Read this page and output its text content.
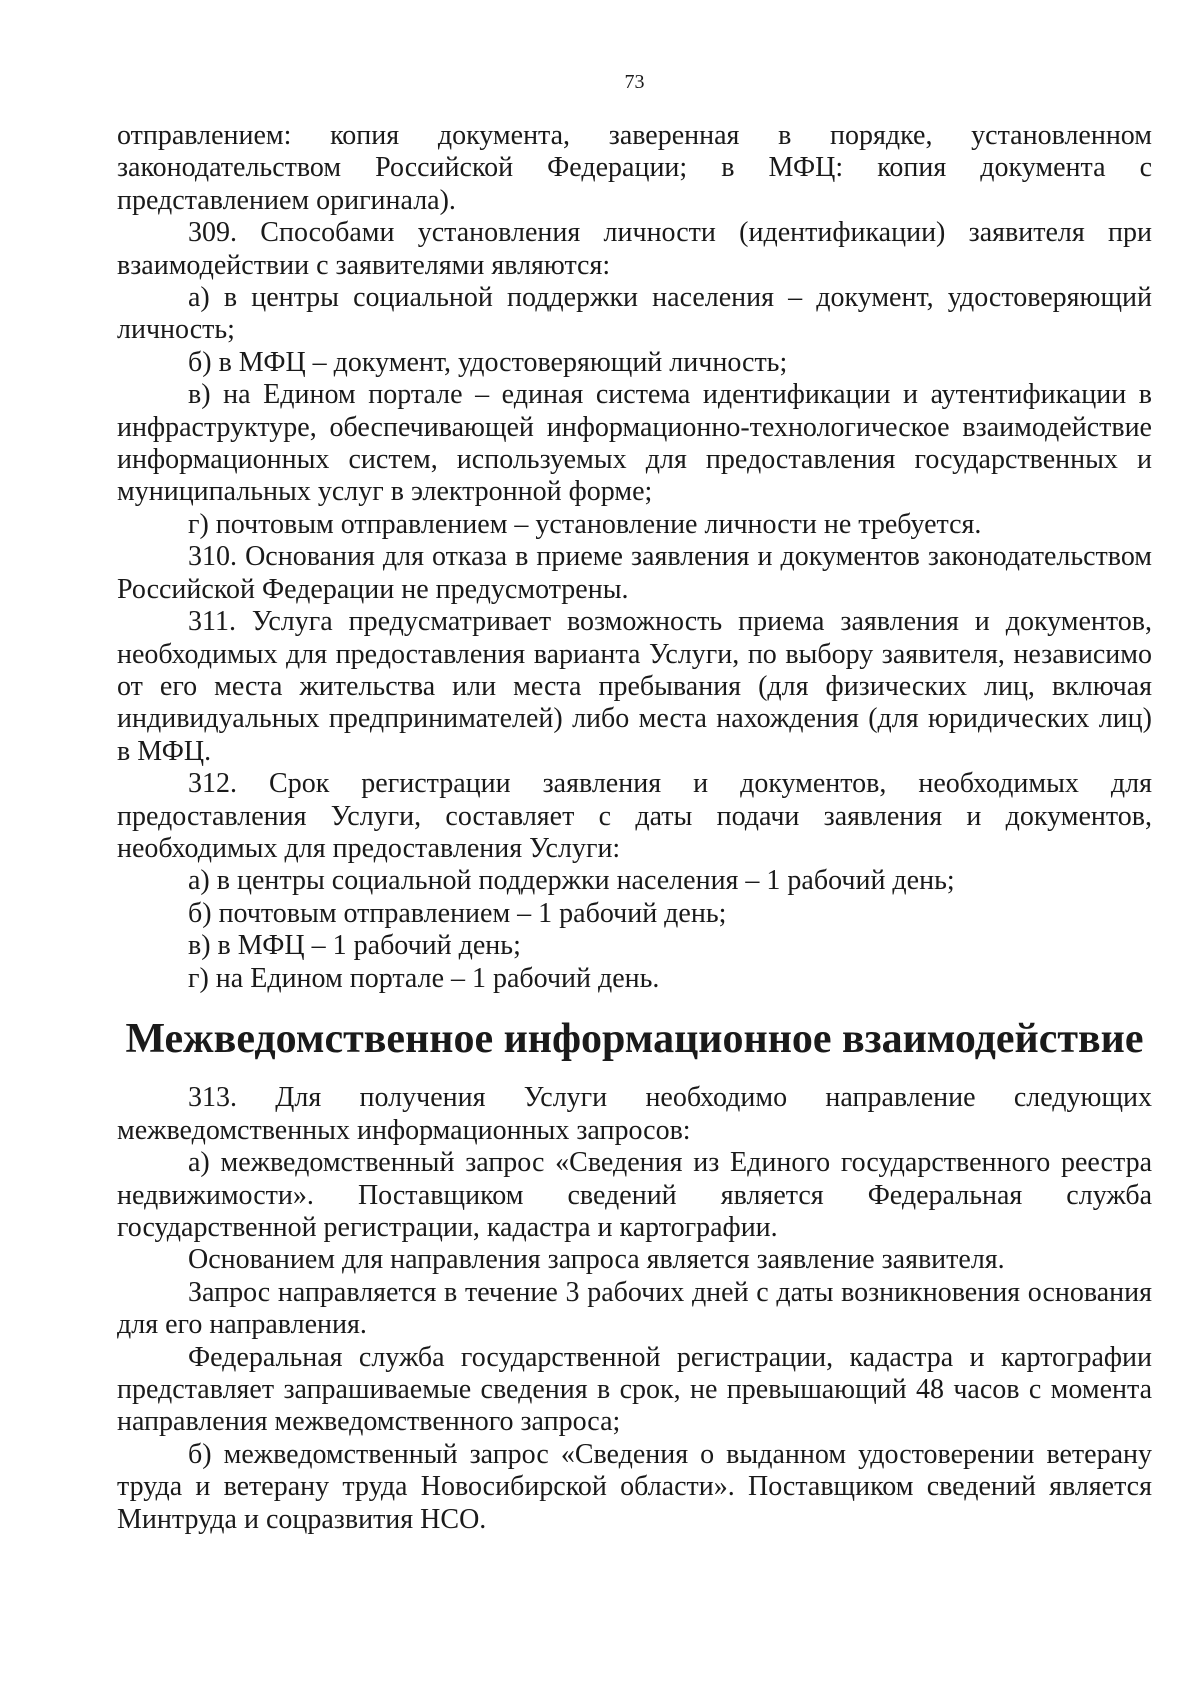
73

отправлением: копия документа, заверенная в порядке, установленном законодательством Российской Федерации; в МФЦ: копия документа с представлением оригинала).

309. Способами установления личности (идентификации) заявителя при взаимодействии с заявителями являются:

а) в центры социальной поддержки населения – документ, удостоверяющий личность;

б) в МФЦ – документ, удостоверяющий личность;

в) на Едином портале – единая система идентификации и аутентификации в инфраструктуре, обеспечивающей информационно-технологическое взаимодействие информационных систем, используемых для предоставления государственных и муниципальных услуг в электронной форме;

г) почтовым отправлением – установление личности не требуется.

310. Основания для отказа в приеме заявления и документов законодательством Российской Федерации не предусмотрены.

311. Услуга предусматривает возможность приема заявления и документов, необходимых для предоставления варианта Услуги, по выбору заявителя, независимо от его места жительства или места пребывания (для физических лиц, включая индивидуальных предпринимателей) либо места нахождения (для юридических лиц) в МФЦ.

312. Срок регистрации заявления и документов, необходимых для предоставления Услуги, составляет с даты подачи заявления и документов, необходимых для предоставления Услуги:

а) в центры социальной поддержки населения – 1 рабочий день;

б) почтовым отправлением – 1 рабочий день;

в) в МФЦ – 1 рабочий день;

г) на Едином портале – 1 рабочий день.

Межведомственное информационное взаимодействие

313. Для получения Услуги необходимо направление следующих межведомственных информационных запросов:

а) межведомственный запрос «Сведения из Единого государственного реестра недвижимости». Поставщиком сведений является Федеральная служба государственной регистрации, кадастра и картографии.

Основанием для направления запроса является заявление заявителя.

Запрос направляется в течение 3 рабочих дней с даты возникновения основания для его направления.

Федеральная служба государственной регистрации, кадастра и картографии представляет запрашиваемые сведения в срок, не превышающий 48 часов с момента направления межведомственного запроса;

б) межведомственный запрос «Сведения о выданном удостоверении ветерану труда и ветерану труда Новосибирской области». Поставщиком сведений является Минтруда и соцразвития НСО.
